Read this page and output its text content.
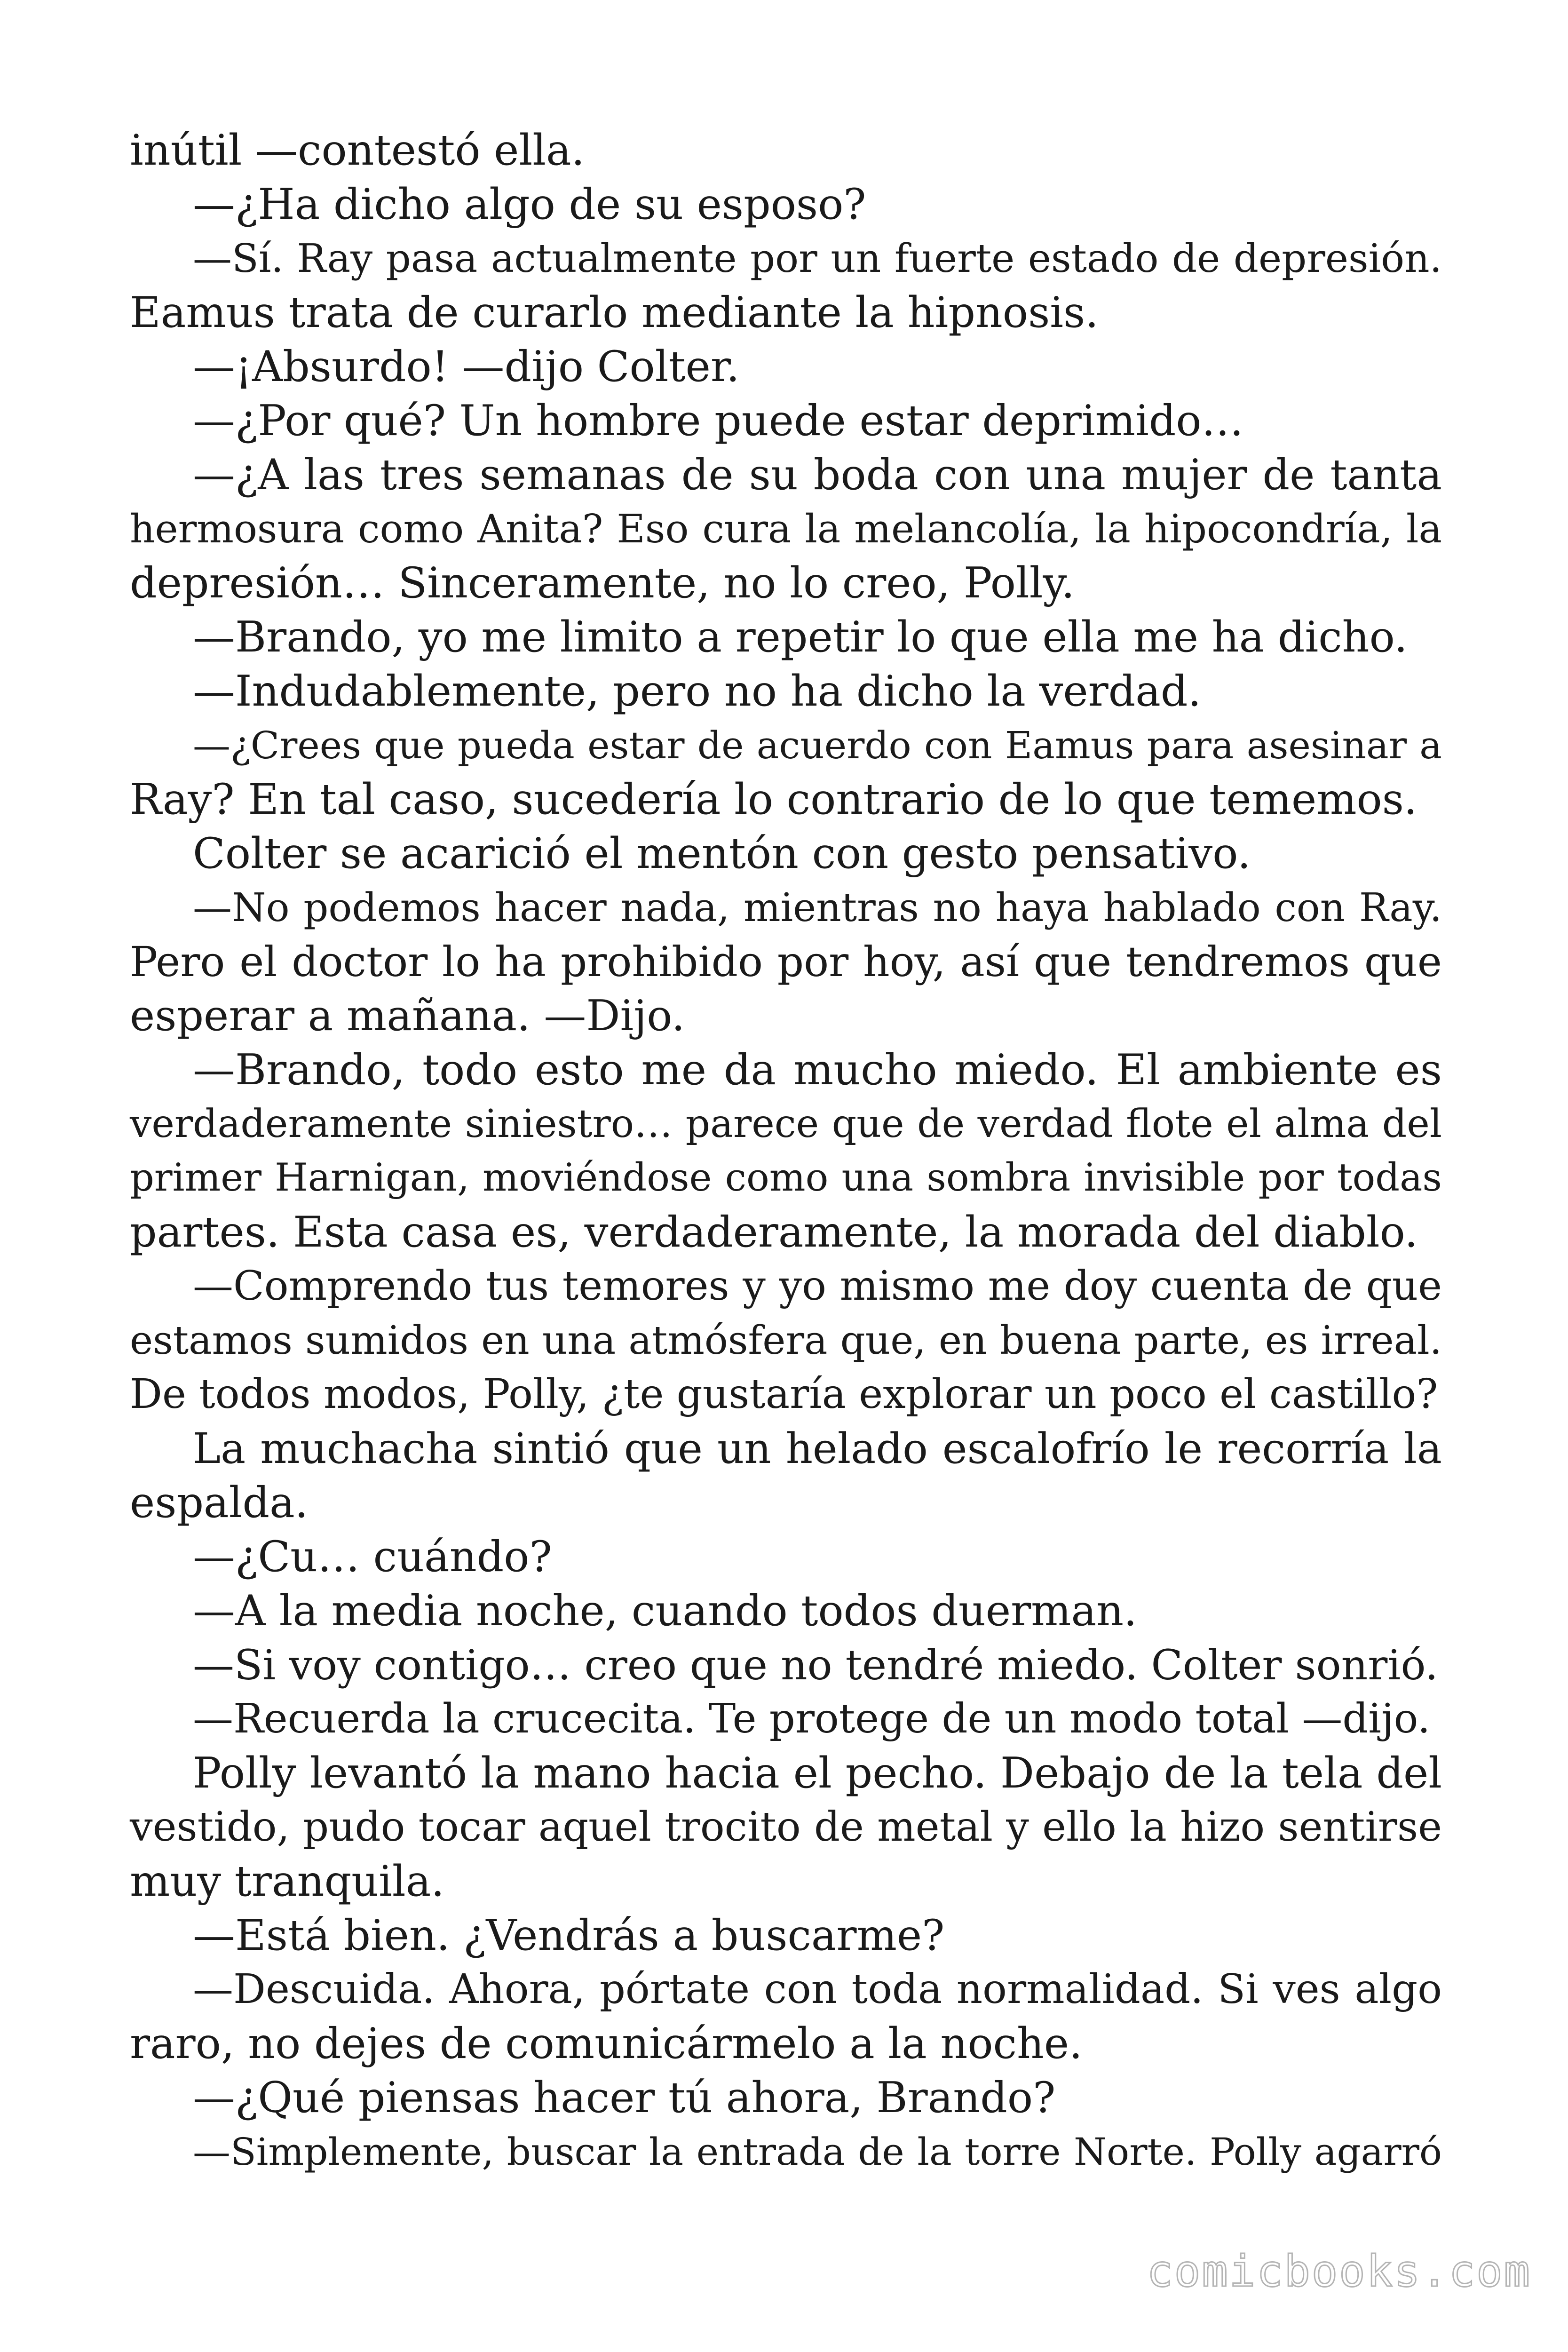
inútil —contestó ella.
—¿Ha dicho algo de su esposo?
—Sí. Ray pasa actualmente por un fuerte estado de depresión.
Eamus trata de curarlo mediante la hipnosis.
—¡Absurdo! —dijo Colter.
—¿Por qué? Un hombre puede estar deprimido…
—¿A las tres semanas de su boda con una mujer de tanta
hermosura como Anita? Eso cura la melancolía, la hipocondría, la
depresión… Sinceramente, no lo creo, Polly.
—Brando, yo me limito a repetir lo que ella me ha dicho.
—Indudablemente, pero no ha dicho la verdad.
—¿Crees que pueda estar de acuerdo con Eamus para asesinar a
Ray? En tal caso, sucedería lo contrario de lo que tememos.
Colter se acarició el mentón con gesto pensativo.
—No podemos hacer nada, mientras no haya hablado con Ray.
Pero el doctor lo ha prohibido por hoy, así que tendremos que
esperar a mañana. —Dijo.
—Brando, todo esto me da mucho miedo. El ambiente es
verdaderamente siniestro… parece que de verdad flote el alma del
primer Harnigan, moviéndose como una sombra invisible por todas
partes. Esta casa es, verdaderamente, la morada del diablo.
—Comprendo tus temores y yo mismo me doy cuenta de que
estamos sumidos en una atmósfera que, en buena parte, es irreal.
De todos modos, Polly, ¿te gustaría explorar un poco el castillo?
La muchacha sintió que un helado escalofrío le recorría la
espalda.
—¿Cu… cuándo?
—A la media noche, cuando todos duerman.
—Si voy contigo… creo que no tendré miedo. Colter sonrió.
—Recuerda la crucecita. Te protege de un modo total —dijo.
Polly levantó la mano hacia el pecho. Debajo de la tela del
vestido, pudo tocar aquel trocito de metal y ello la hizo sentirse
muy tranquila.
—Está bien. ¿Vendrás a buscarme?
—Descuida. Ahora, pórtate con toda normalidad. Si ves algo
raro, no dejes de comunicármelo a la noche.
—¿Qué piensas hacer tú ahora, Brando?
—Simplemente, buscar la entrada de la torre Norte. Polly agarró
comicbooks.com
